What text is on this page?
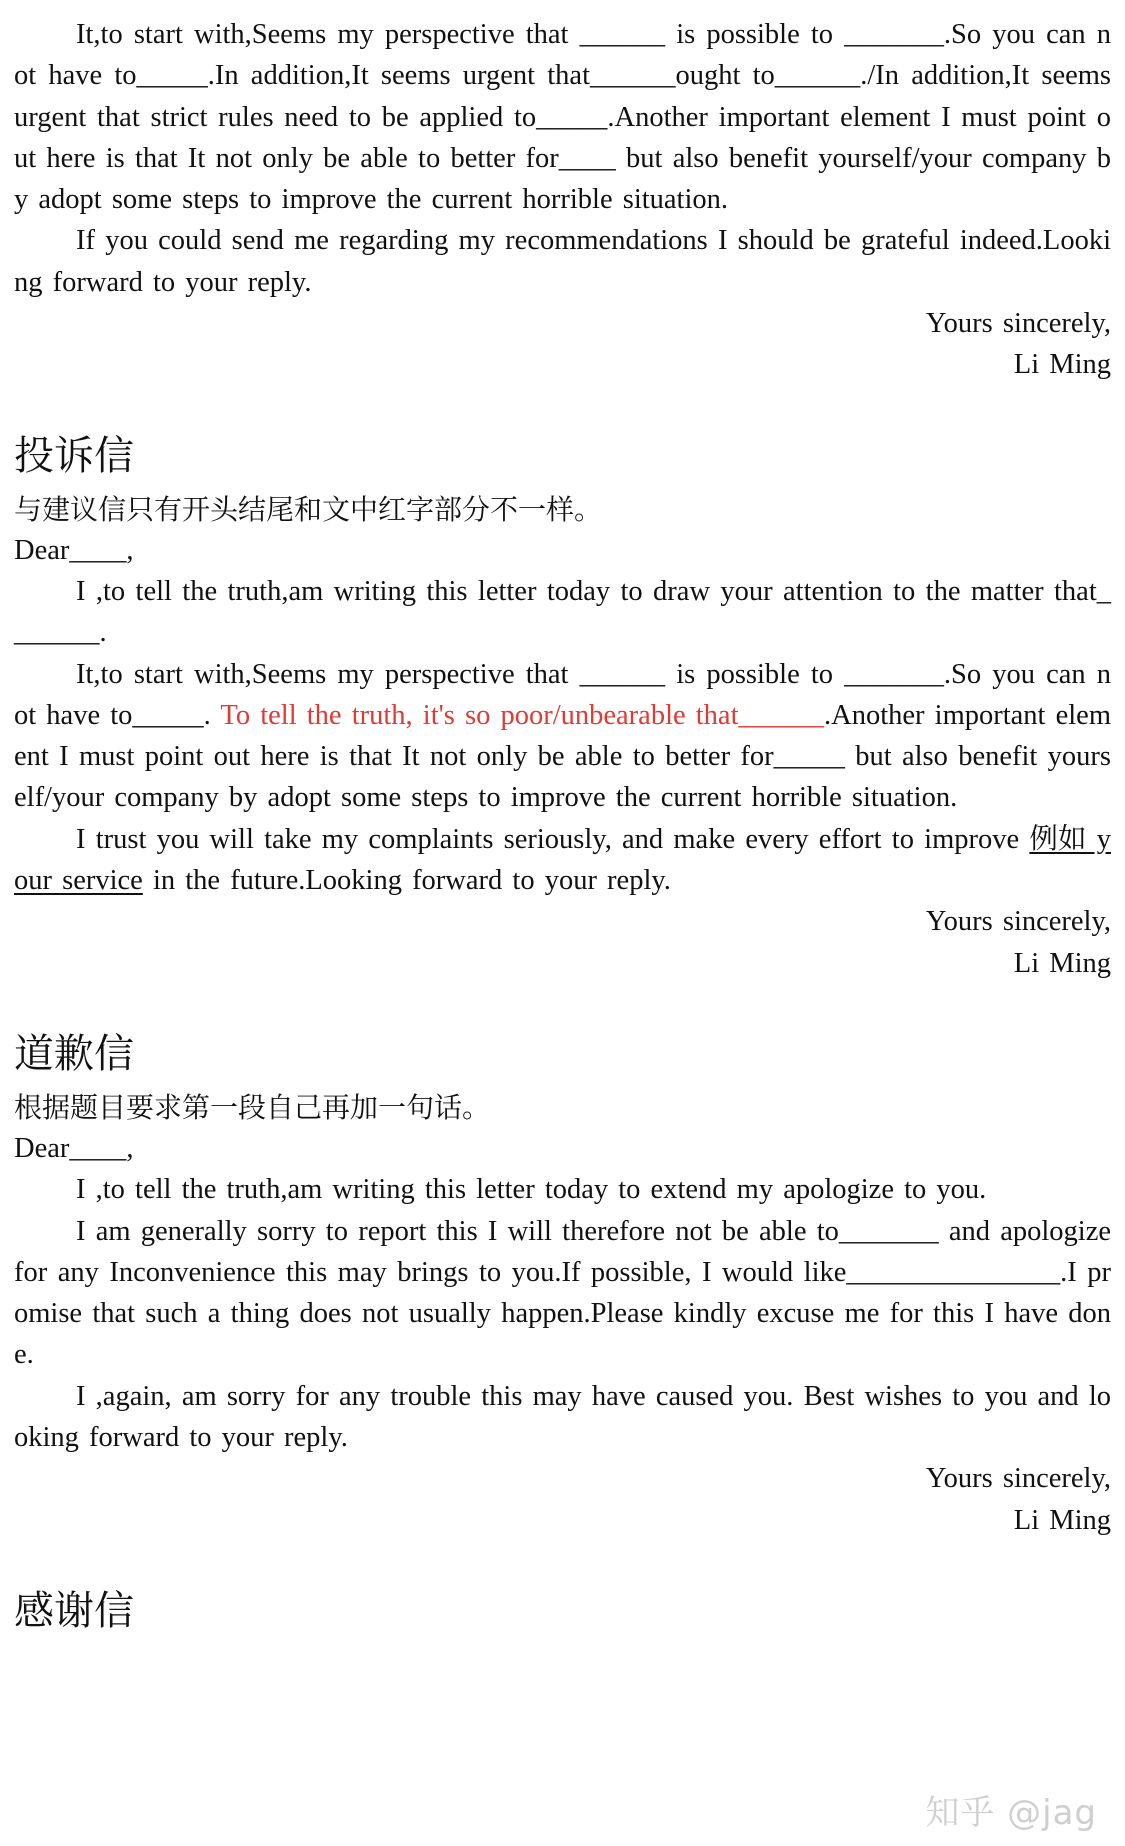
It,to start with,Seems my perspective that ______ is possible to _______.So you can not have to_____.In addition,It seems urgent that______ought to______./In addition,It seems urgent that strict rules need to be applied to_____.Another important element I must point out here is that It not only be able to better for____ but also benefit yourself/your company by adopt some steps to improve the current horrible situation.

If you could send me regarding my recommendations I should be grateful indeed.Looking forward to your reply.

Yours sincerely,

Li Ming

投诉信

与建议信只有开头结尾和文中红字部分不一样。

Dear____,

I ,to tell the truth,am writing this letter today to draw your attention to the matter that_______.

It,to start with,Seems my perspective that ______ is possible to _______.So you can not have to_____. To tell the truth, it's so poor/unbearable that______.Another important element I must point out here is that It not only be able to better for_____ but also benefit yourself/your company by adopt some steps to improve the current horrible situation.

I trust you will take my complaints seriously, and make every effort to improve 例如 your service in the future.Looking forward to your reply.

Yours sincerely,

Li Ming

道歉信

根据题目要求第一段自己再加一句话。

Dear____,

I ,to tell the truth,am writing this letter today to extend my apologize to you.

I am generally sorry to report this I will therefore not be able to_______ and apologize for any Inconvenience this may brings to you.If possible, I would like_______________.I promise that such a thing does not usually happen.Please kindly excuse me for this I have done.

I ,again, am sorry for any trouble this may have caused you. Best wishes to you and looking forward to your reply.

Yours sincerely,

Li Ming

感谢信
知乎 @jag
